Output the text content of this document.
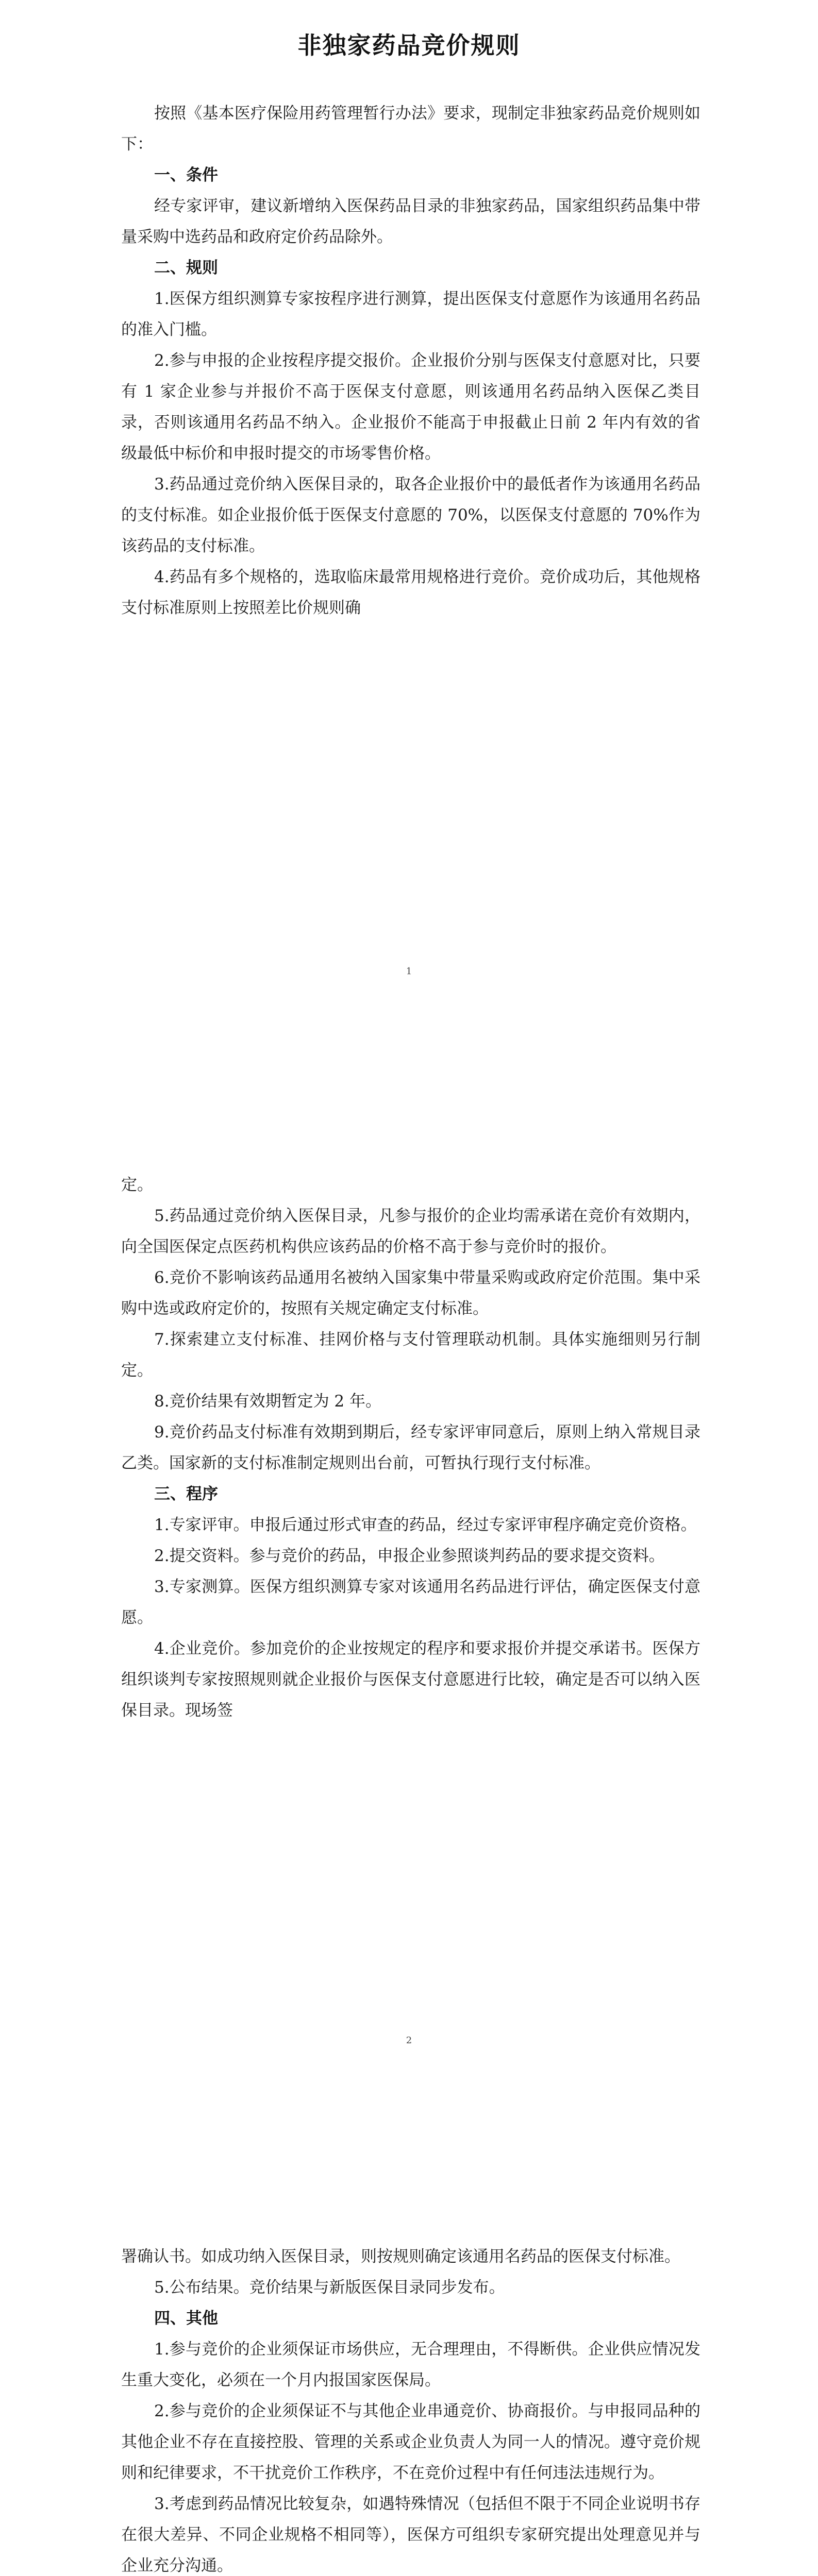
非独家药品竞价规则

按照《基本医疗保险用药管理暂行办法》要求，现制定非独家药品竞价规则如下：

一、条件

经专家评审，建议新增纳入医保药品目录的非独家药品，国家组织药品集中带量采购中选药品和政府定价药品除外。

二、规则

1.医保方组织测算专家按程序进行测算，提出医保支付意愿作为该通用名药品的准入门槛。

2.参与申报的企业按程序提交报价。企业报价分别与医保支付意愿对比，只要有 1 家企业参与并报价不高于医保支付意愿，则该通用名药品纳入医保乙类目录，否则该通用名药品不纳入。企业报价不能高于申报截止日前 2 年内有效的省级最低中标价和申报时提交的市场零售价格。

3.药品通过竞价纳入医保目录的，取各企业报价中的最低者作为该通用名药品的支付标准。如企业报价低于医保支付意愿的 70%，以医保支付意愿的 70%作为该药品的支付标准。

4.药品有多个规格的，选取临床最常用规格进行竞价。竞价成功后，其他规格支付标准原则上按照差比价规则确

1

定。

5.药品通过竞价纳入医保目录，凡参与报价的企业均需承诺在竞价有效期内，向全国医保定点医药机构供应该药品的价格不高于参与竞价时的报价。

6.竞价不影响该药品通用名被纳入国家集中带量采购或政府定价范围。集中采购中选或政府定价的，按照有关规定确定支付标准。

7.探索建立支付标准、挂网价格与支付管理联动机制。具体实施细则另行制定。

8.竞价结果有效期暂定为 2 年。

9.竞价药品支付标准有效期到期后，经专家评审同意后，原则上纳入常规目录乙类。国家新的支付标准制定规则出台前，可暂执行现行支付标准。

三、程序

1.专家评审。申报后通过形式审查的药品，经过专家评审程序确定竞价资格。

2.提交资料。参与竞价的药品，申报企业参照谈判药品的要求提交资料。

3.专家测算。医保方组织测算专家对该通用名药品进行评估，确定医保支付意愿。

4.企业竞价。参加竞价的企业按规定的程序和要求报价并提交承诺书。医保方组织谈判专家按照规则就企业报价与医保支付意愿进行比较，确定是否可以纳入医保目录。现场签

2

署确认书。如成功纳入医保目录，则按规则确定该通用名药品的医保支付标准。

5.公布结果。竞价结果与新版医保目录同步发布。

四、其他

1.参与竞价的企业须保证市场供应，无合理理由，不得断供。企业供应情况发生重大变化，必须在一个月内报国家医保局。

2.参与竞价的企业须保证不与其他企业串通竞价、协商报价。与申报同品种的其他企业不存在直接控股、管理的关系或企业负责人为同一人的情况。遵守竞价规则和纪律要求，不干扰竞价工作秩序，不在竞价过程中有任何违法违规行为。

3.考虑到药品情况比较复杂，如遇特殊情况（包括但不限于不同企业说明书存在很大差异、不同企业规格不相同等），医保方可组织专家研究提出处理意见并与企业充分沟通。
